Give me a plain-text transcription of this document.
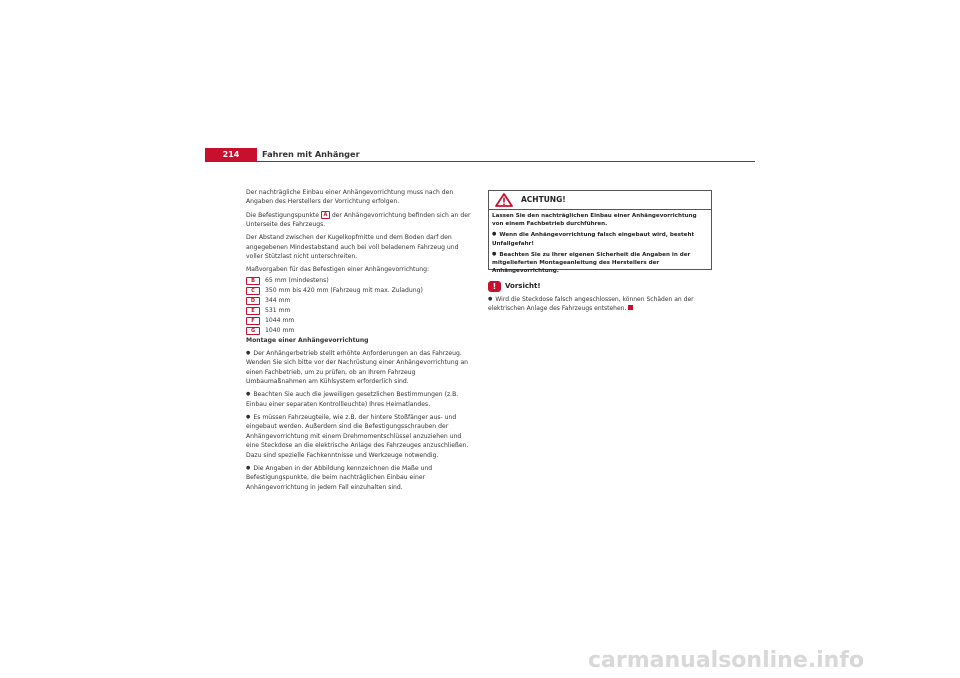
214	Fahren mit Anhänger

Der nachträgliche Einbau einer Anhängevorrichtung muss nach den Angaben des Herstellers der Vorrichtung erfolgen.

Die Befestigungspunkte A der Anhängevorrichtung befinden sich an der Unterseite des Fahrzeugs.

Der Abstand zwischen der Kugelkopfmitte und dem Boden darf den angegebenen Mindestabstand auch bei voll beladenem Fahrzeug und voller Stützlast nicht unterschreiten.

Maßvorgaben für das Befestigen einer Anhängevorrichtung:

B	65 mm (mindestens)
C	350 mm bis 420 mm (Fahrzeug mit max. Zuladung)
D	344 mm
E	531 mm
F	1044 mm
G	1040 mm

Montage einer Anhängevorrichtung

● Der Anhängerbetrieb stellt erhöhte Anforderungen an das Fahrzeug. Wenden Sie sich bitte vor der Nachrüstung einer Anhängevorrichtung an einen Fachbetrieb, um zu prüfen, ob an Ihrem Fahrzeug Umbaumaßnahmen am Kühlsystem erforderlich sind.

● Beachten Sie auch die jeweiligen gesetzlichen Bestimmungen (z.B. Einbau einer separaten Kontrollleuchte) Ihres Heimatlandes.

● Es müssen Fahrzeugteile, wie z.B. der hintere Stoßfänger aus- und eingebaut werden. Außerdem sind die Befestigungsschrauben der Anhängevorrichtung mit einem Drehmomentschlüssel anzuziehen und eine Steckdose an die elektrische Anlage des Fahrzeuges anzuschließen. Dazu sind spezielle Fachkenntnisse und Werkzeuge notwendig.

● Die Angaben in der Abbildung kennzeichnen die Maße und Befestigungspunkte, die beim nachträglichen Einbau einer Anhängevorrichtung in jedem Fall einzuhalten sind.

ACHTUNG!

Lassen Sie den nachträglichen Einbau einer Anhängevorrichtung von einem Fachbetrieb durchführen.

● Wenn die Anhängevorrichtung falsch eingebaut wird, besteht Unfallgefahr!

● Beachten Sie zu Ihrer eigenen Sicherheit die Angaben in der mitgelieferten Montageanleitung des Herstellers der Anhängevorrichtung.

!	Vorsicht!
● Wird die Steckdose falsch angeschlossen, können Schäden an der elektrischen Anlage des Fahrzeugs entstehen.
carmanualsonline.info
